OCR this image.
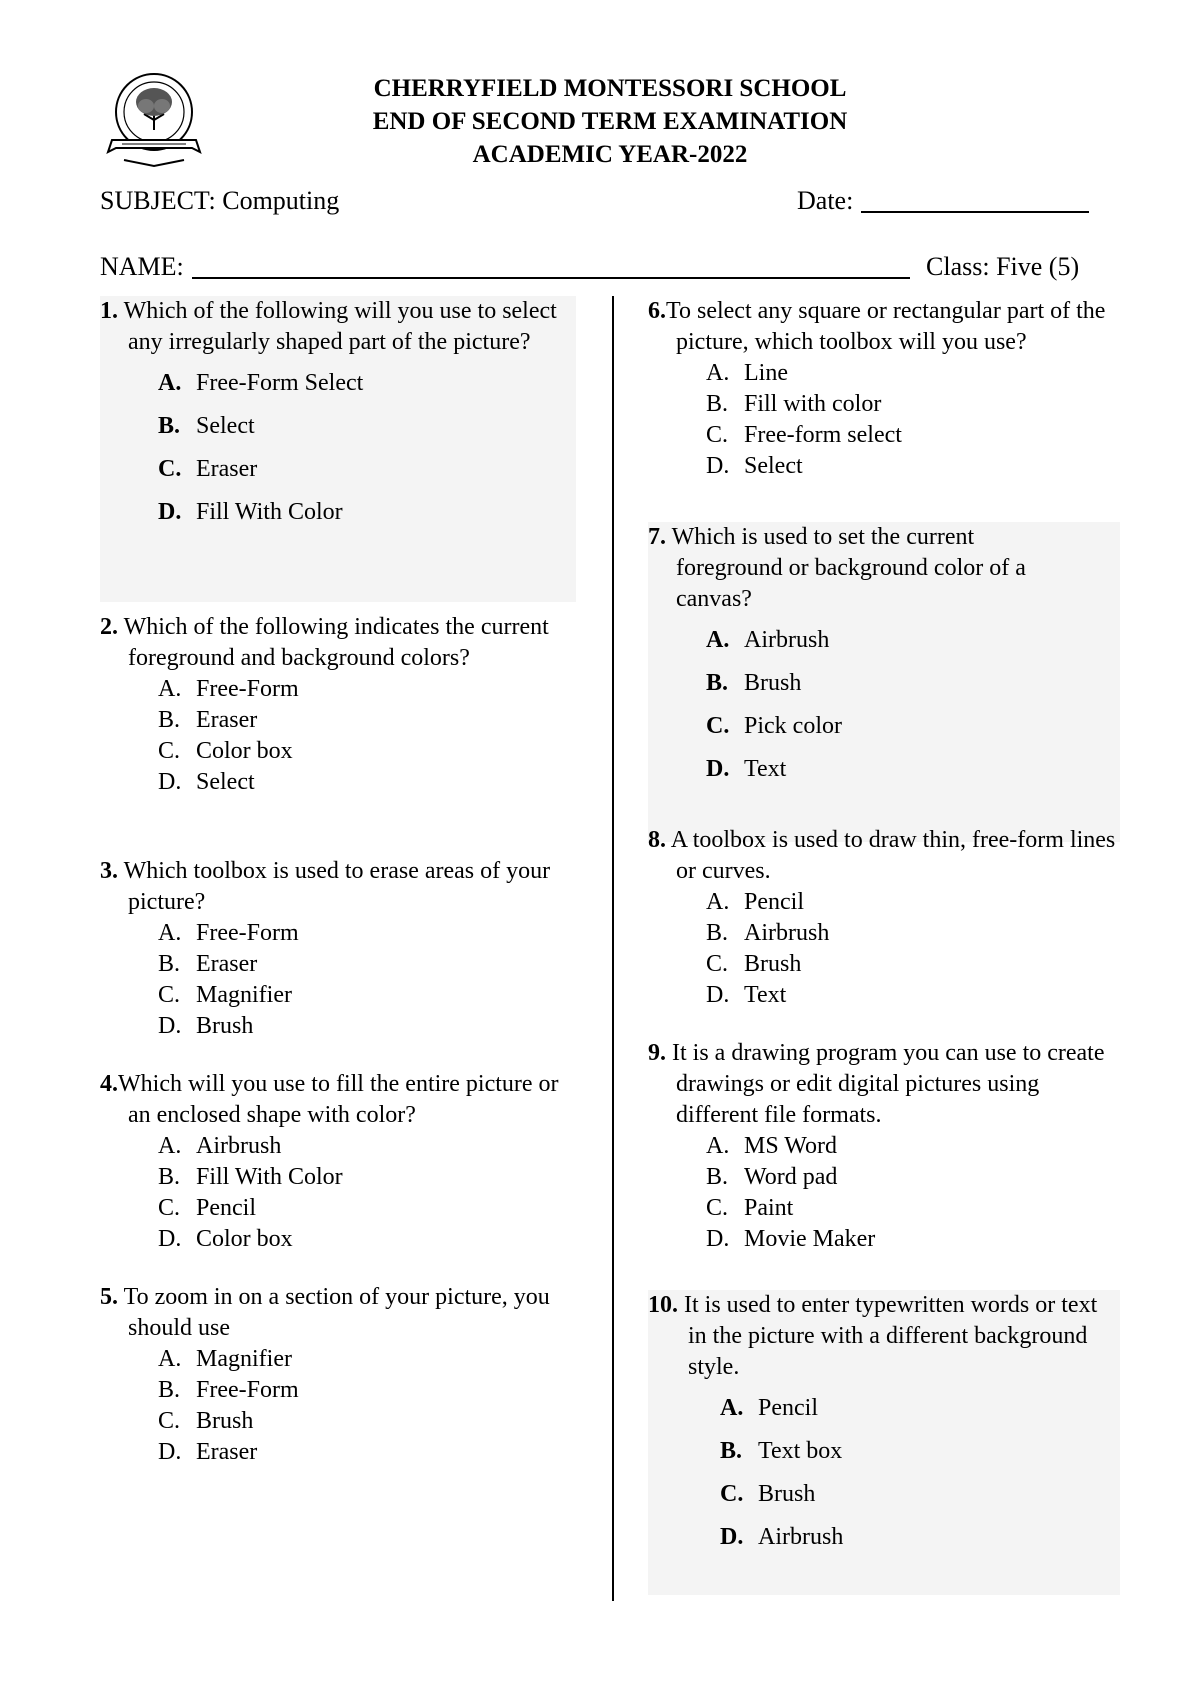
CHERRYFIELD MONTESSORI SCHOOL
END OF SECOND TERM EXAMINATION
ACADEMIC YEAR-2022
SUBJECT: Computing	Date:
NAME:	Class: Five (5)
1. Which of the following will you use to select any irregularly shaped part of the picture?
A. Free-Form Select
B. Select
C. Eraser
D. Fill With Color
2. Which of the following indicates the current foreground and background colors?
A. Free-Form
B. Eraser
C. Color box
D. Select
3. Which toolbox is used to erase areas of your picture?
A. Free-Form
B. Eraser
C. Magnifier
D. Brush
4.Which will you use to fill the entire picture or an enclosed shape with color?
A. Airbrush
B. Fill With Color
C. Pencil
D. Color box
5. To zoom in on a section of your picture, you should use
A. Magnifier
B. Free-Form
C. Brush
D. Eraser
6.To select any square or rectangular part of the picture, which toolbox will you use?
A. Line
B. Fill with color
C. Free-form select
D. Select
7. Which is used to set the current foreground or background color of a canvas?
A. Airbrush
B. Brush
C. Pick color
D. Text
8. A toolbox is used to draw thin, free-form lines or curves.
A. Pencil
B. Airbrush
C. Brush
D. Text
9. It is a drawing program you can use to create drawings or edit digital pictures using different file formats.
A. MS Word
B. Word pad
C. Paint
D. Movie Maker
10. It is used to enter typewritten words or text in the picture with a different background style.
A. Pencil
B. Text box
C. Brush
D. Airbrush
